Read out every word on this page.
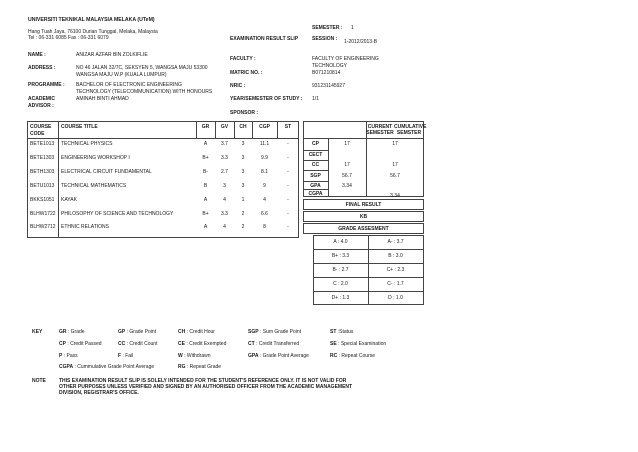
UNIVERSITI TEKNIKAL MALAYSIA MELAKA (UTeM)
Hang Tuah Jaya, 76100 Durian Tunggal, Melaka, Malaysia
Tel : 06-331 6085 Fax : 06-331 6079
SEMESTER : 1
EXAMINATION RESULT SLIP	SESSION : 1-2012/2013-B
NAME :	ANIZAR AZFAR BIN ZOLKIFLIE
ADDRESS :	NO 46 JALAN 32/7C, SEKSYEN 5, WANGSA MAJU 53300
WANGSA MAJU W.P (KUALA LUMPUR)
PROGRAMME : BACHELOR OF ELECTRONIC ENGINEERING
TECHNOLOGY (TELECOMMUNICATION) WITH HONOURS
ACADEMIC
ADVISOR :
AMINAH BINTI AHMAD
FACULTY :	FACULTY OF ENGINEERING
TECHNOLOGY
MATRIC NO. :	B071210814
NRIC :	931231145927
YEAR/SEMESTER OF STUDY : 1/1
SPONSOR :
COURSE
CODE
COURSE TITLE	GR	GV	CH	CGP	ST
BETE1013 TECHNICAL PHYSICS	A	3.7	3	11.1	-
BETE1303 ENGINEERING WORKSHOP I	B+	3.3	3	9.9	-
BETH1303 ELECTRICAL CIRCUIT FUNDAMENTAL	B-	2.7	3	8.1	-
BETU1013 TECHNICAL MATHEMATICS	B	3	3	9	-
BKKS1051 KAYAK	A	4	1	4	-
BLHW1722 PHILOSOPHY OF SCIENCE AND TECHNOLOGY	B+	3.3	2	6.6	-
BLHW2712 ETHNIC RELATIONS	A	4	2	8	-
CURRENT
SEMESTER
CUMULATIVE
SEMSTER
CP	17	17
CECT
CC	17	17
SGP	56.7	56.7
GPA	3.34
CGPA	3.34
FINAL RESULT
KB
GRADE ASSESMENT
A : 4.0	A- : 3.7
B+ : 3.3	B : 3.0
B- : 2.7	C+ : 2.3
C : 2.0	C- : 1.7
D+ : 1.3	D : 1.0
KEY	GR : Grade	GP : Grade Point	CH : Credit Hour	SGP : Sum Grade Point	ST :Status
CP : Credit Passed	CC : Credit Count	CE : Credit Exempted	CT : Credit Transferred	SE : Special Examination
P : Pass	F : Fail	W : Withdrawn	GPA : Grade Point Average	RC : Repeat Course
CGPA : Cummulative Grade Point Average	RG : Repeat Grade
NOTE	THIS EXAMINATION RESULT SLIP IS SOLELY INTENDED FOR THE STUDENT'S REFERENCE ONLY. IT IS NOT VALID FOR
OTHER PURPOSES UNLESS VERIFIED AND SIGNED BY AN AUTHORISED OFFICER FROM THE ACADEMIC MANAGEMENT
DIVISION, REGISTRAR'S OFFICE.
